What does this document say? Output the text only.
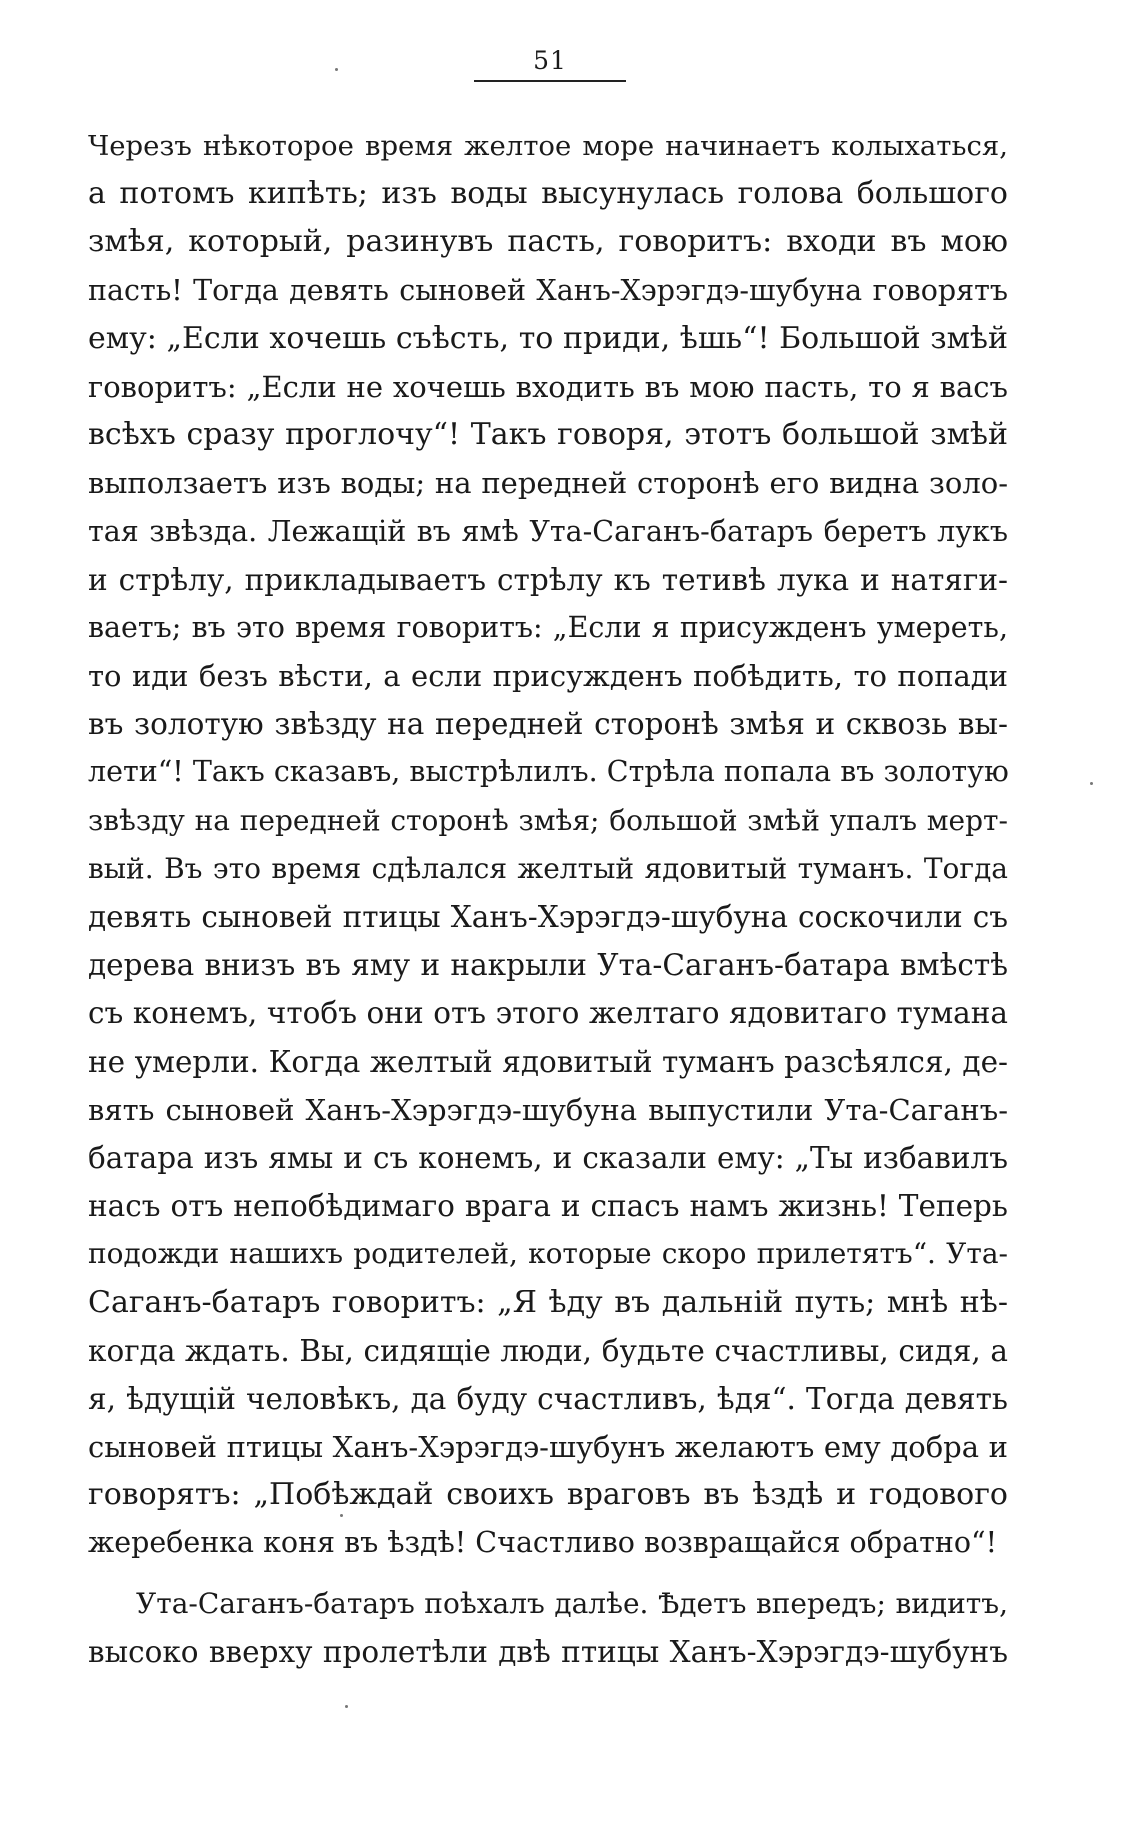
51
Черезъ нѣкоторое время желтое море начинаетъ колыхаться,
а потомъ кипѣть; изъ воды высунулась голова большого
змѣя, который, разинувъ пасть, говоритъ: входи въ мою
пасть! Тогда девять сыновей Ханъ-Хэрэгдэ-шубуна говорятъ
ему: „Если хочешь съѣсть, то приди, ѣшь“! Большой змѣй
говоритъ: „Если не хочешь входить въ мою пасть, то я васъ
всѣхъ сразу проглочу“! Такъ говоря, этотъ большой змѣй
выползаетъ изъ воды; на передней сторонѣ его видна золо-
тая звѣзда. Лежащій въ ямѣ Ута-Саганъ-батаръ беретъ лукъ
и стрѣлу, прикладываетъ стрѣлу къ тетивѣ лука и натяги-
ваетъ; въ это время говоритъ: „Если я присужденъ умереть,
то иди безъ вѣсти, а если присужденъ побѣдить, то попади
въ золотую звѣзду на передней сторонѣ змѣя и сквозь вы-
лети“! Такъ сказавъ, выстрѣлилъ. Стрѣла попала въ золотую
звѣзду на передней сторонѣ змѣя; большой змѣй упалъ мерт-
вый. Въ это время сдѣлался желтый ядовитый туманъ. Тогда
девять сыновей птицы Ханъ-Хэрэгдэ-шубуна соскочили съ
дерева внизъ въ яму и накрыли Ута-Саганъ-батара вмѣстѣ
съ конемъ, чтобъ они отъ этого желтаго ядовитаго тумана
не умерли. Когда желтый ядовитый туманъ разсѣялся, де-
вять сыновей Ханъ-Хэрэгдэ-шубуна выпустили Ута-Саганъ-
батара изъ ямы и съ конемъ, и сказали ему: „Ты избавилъ
насъ отъ непобѣдимаго врага и спасъ намъ жизнь! Теперь
подожди нашихъ родителей, которые скоро прилетятъ“. Ута-
Саганъ-батаръ говоритъ: „Я ѣду въ дальній путь; мнѣ нѣ-
когда ждать. Вы, сидящіе люди, будьте счастливы, сидя, а
я, ѣдущій человѣкъ, да буду счастливъ, ѣдя“. Тогда девять
сыновей птицы Ханъ-Хэрэгдэ-шубунъ желаютъ ему добра и
говорятъ: „Побѣждай своихъ враговъ въ ѣздѣ и годового
жеребенка коня въ ѣздѣ! Счастливо возвращайся обратно“!
Ута-Саганъ-батаръ поѣхалъ далѣе. Ѣдетъ впередъ; видитъ,
высоко вверху пролетѣли двѣ птицы Ханъ-Хэрэгдэ-шубунъ
